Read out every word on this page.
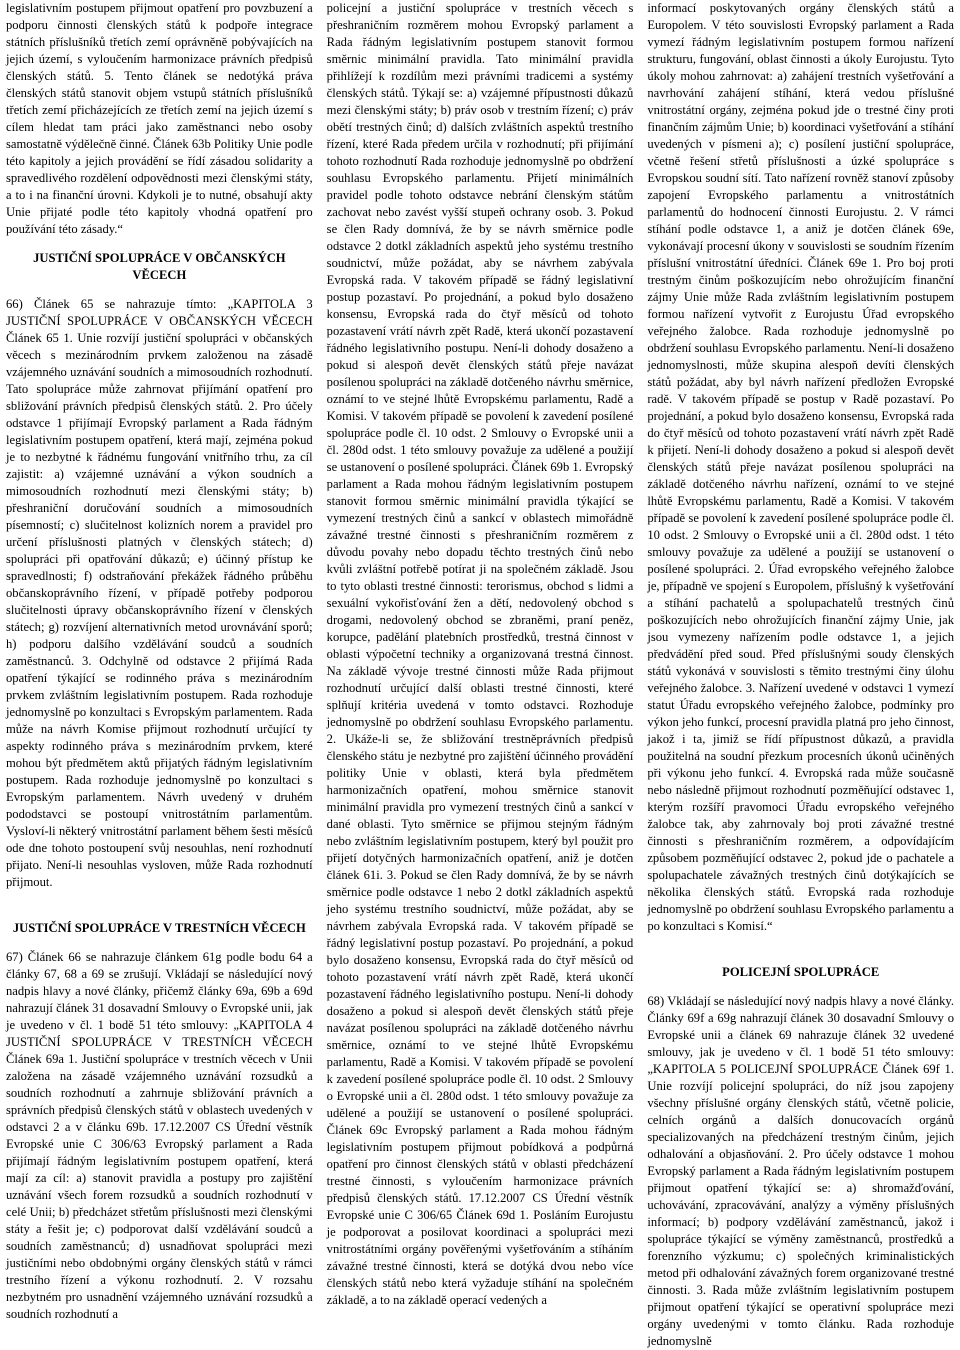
legislativním postupem přijmout opatření pro povzbuzení a podporu činnosti členských států k podpoře integrace státních příslušníků třetích zemí oprávněně pobývajících na jejich území, s vyloučením harmonizace právních předpisů členských států. 5. Tento článek se nedotýká práva členských států stanovit objem vstupů státních příslušníků třetích zemí přicházejících ze třetích zemí na jejich území s cílem hledat tam práci jako zaměstnanci nebo osoby samostatně výdělečně činné. Článek 63b Politiky Unie podle této kapitoly a jejich provádění se řídí zásadou solidarity a spravedlivého rozdělení odpovědnosti mezi členskými státy, a to i na finanční úrovni. Kdykoli je to nutné, obsahují akty Unie přijaté podle této kapitoly vhodná opatření pro používání této zásady.“

JUSTIČNÍ SPOLUPRÁCE V OBČANSKÝCH VĚCECH

66) Článek 65 se nahrazuje tímto: „KAPITOLA 3 JUSTIČNÍ SPOLUPRÁCE V OBČANSKÝCH VĚCECH Článek 65 1. Unie rozvíjí justiční spolupráci v občanských věcech s mezinárodním prvkem založenou na zásadě vzájemného uznávání soudních a mimosoudních rozhodnutí. Tato spolupráce může zahrnovat přijímání opatření pro sbližování právních předpisů členských států. 2. Pro účely odstavce 1 přijímají Evropský parlament a Rada řádným legislativním postupem opatření, která mají, zejména pokud je to nezbytné k řádnému fungování vnitřního trhu, za cíl zajistit: a) vzájemné uznávání a výkon soudních a mimosoudních rozhodnutí mezi členskými státy; b) přeshraniční doručování soudních a mimosoudních písemností; c) slučitelnost kolizních norem a pravidel pro určení příslušnosti platných v členských státech; d) spolupráci při opatřování důkazů; e) účinný přístup ke spravedlnosti; f) odstraňování překážek řádného průběhu občanskoprávního řízení, v případě potřeby podporou slučitelnosti úpravy občanskoprávního řízení v členských státech; g) rozvíjení alternativních metod urovnávání sporů; h) podporu dalšího vzdělávání soudců a soudních zaměstnanců. 3. Odchylně od odstavce 2 přijímá Rada opatření týkající se rodinného práva s mezinárodním prvkem zvláštním legislativním postupem. Rada rozhoduje jednomyslně po konzultaci s Evropským parlamentem. Rada může na návrh Komise přijmout rozhodnutí určující ty aspekty rodinného práva s mezinárodním prvkem, které mohou být předmětem aktů přijatých řádným legislativním postupem. Rada rozhoduje jednomyslně po konzultaci s Evropským parlamentem. Návrh uvedený v druhém pododstavci se postoupí vnitrostátním parlamentům. Vysloví-li některý vnitrostátní parlament během šesti měsíců ode dne tohoto postoupení svůj nesouhlas, není rozhodnutí přijato. Není-li nesouhlas vysloven, může Rada rozhodnutí přijmout.

JUSTIČNÍ SPOLUPRÁCE V TRESTNÍCH VĚCECH

67) Článek 66 se nahrazuje článkem 61g podle bodu 64 a články 67, 68 a 69 se zrušují. Vkládají se následující nový nadpis hlavy a nové články, přičemž články 69a, 69b a 69d nahrazují článek 31 dosavadní Smlouvy o Evropské unii, jak je uvedeno v čl. 1 bodě 51 této smlouvy: „KAPITOLA 4 JUSTIČNÍ SPOLUPRÁCE V TRESTNÍCH VĚCECH Článek 69a 1. Justiční spolupráce v trestních věcech v Unii založena na zásadě vzájemného uznávání rozsudků a soudních rozhodnutí a zahrnuje sbližování právních a správních předpisů členských států v oblastech uvedených v odstavci 2 a v článku 69b. 17.12.2007 CS Úřední věstník Evropské unie C 306/63 Evropský parlament a Rada přijímají řádným legislativním postupem opatření, která mají za cíl: a) stanovit pravidla a postupy pro zajištění uznávání všech forem rozsudků a soudních rozhodnutí v celé Unii; b) předcházet střetům příslušnosti mezi členskými státy a řešit je; c) podporovat další vzdělávání soudců a soudních zaměstnanců; d) usnadňovat spolupráci mezi justičními nebo obdobnými orgány členských států v rámci trestního řízení a výkonu rozhodnutí. 2. V rozsahu nezbytném pro usnadnění vzájemného uznávání rozsudků a soudních rozhodnutí a

policejní a justiční spolupráce v trestních věcech s přeshraničním rozměrem mohou Evropský parlament a Rada řádným legislativním postupem stanovit formou směrnic minimální pravidla. Tato minimální pravidla přihlížejí k rozdílům mezi právními tradicemi a systémy členských států. Týkají se: a) vzájemné přípustnosti důkazů mezi členskými státy; b) práv osob v trestním řízení; c) práv obětí trestných činů; d) dalších zvláštních aspektů trestního řízení, které Rada předem určila v rozhodnutí; při přijímání tohoto rozhodnutí Rada rozhoduje jednomyslně po obdržení souhlasu Evropského parlamentu. Přijetí minimálních pravidel podle tohoto odstavce nebrání členským státům zachovat nebo zavést vyšší stupeň ochrany osob. 3. Pokud se člen Rady domnívá, že by se návrh směrnice podle odstavce 2 dotkl základních aspektů jeho systému trestního soudnictví, může požádat, aby se návrhem zabývala Evropská rada. V takovém případě se řádný legislativní postup pozastaví. Po projednání, a pokud bylo dosaženo konsensu, Evropská rada do čtyř měsíců od tohoto pozastavení vrátí návrh zpět Radě, která ukončí pozastavení řádného legislativního postupu. Není-li dohody dosaženo a pokud si alespoň devět členských států přeje navázat posílenou spolupráci na základě dotčeného návrhu směrnice, oznámí to ve stejné lhůtě Evropskému parlamentu, Radě a Komisi. V takovém případě se povolení k zavedení posílené spolupráce podle čl. 10 odst. 2 Smlouvy o Evropské unii a čl. 280d odst. 1 této smlouvy považuje za udělené a použijí se ustanovení o posílené spolupráci. Článek 69b 1. Evropský parlament a Rada mohou řádným legislativním postupem stanovit formou směrnic minimální pravidla týkající se vymezení trestných činů a sankcí v oblastech mimořádně závažné trestné činnosti s přeshraničním rozměrem z důvodu povahy nebo dopadu těchto trestných činů nebo kvůli zvláštní potřebě potírat ji na společném základě. Jsou to tyto oblasti trestné činnosti: terorismus, obchod s lidmi a sexuální vykořisťování žen a dětí, nedovolený obchod s drogami, nedovolený obchod se zbraněmi, praní peněz, korupce, padělání platebních prostředků, trestná činnost v oblasti výpočetní techniky a organizovaná trestná činnost. Na základě vývoje trestné činnosti může Rada přijmout rozhodnutí určující další oblasti trestné činnosti, které splňují kritéria uvedená v tomto odstavci. Rozhoduje jednomyslně po obdržení souhlasu Evropského parlamentu. 2. Ukáže-li se, že sbližování trestněprávních předpisů členského státu je nezbytné pro zajištění účinného provádění politiky Unie v oblasti, která byla předmětem harmonizačních opatření, mohou směrnice stanovit minimální pravidla pro vymezení trestných činů a sankcí v dané oblasti. Tyto směrnice se přijmou stejným řádným nebo zvláštním legislativním postupem, který byl použit pro přijetí dotyčných harmonizačních opatření, aniž je dotčen článek 61i. 3. Pokud se člen Rady domnívá, že by se návrh směrnice podle odstavce 1 nebo 2 dotkl základních aspektů jeho systému trestního soudnictví, může požádat, aby se návrhem zabývala Evropská rada. V takovém případě se řádný legislativní postup pozastaví. Po projednání, a pokud bylo dosaženo konsensu, Evropská rada do čtyř měsíců od tohoto pozastavení vrátí návrh zpět Radě, která ukončí pozastavení řádného legislativního postupu. Není-li dohody dosaženo a pokud si alespoň devět členských států přeje navázat posílenou spolupráci na základě dotčeného návrhu směrnice, oznámí to ve stejné lhůtě Evropskému parlamentu, Radě a Komisi. V takovém případě se povolení k zavedení posílené spolupráce podle čl. 10 odst. 2 Smlouvy o Evropské unii a čl. 280d odst. 1 této smlouvy považuje za udělené a použijí se ustanovení o posílené spolupráci. Článek 69c Evropský parlament a Rada mohou řádným legislativním postupem přijmout pobídková a podpůrná opatření pro činnost členských států v oblasti předcházení trestné činnosti, s vyloučením harmonizace právních předpisů členských států. 17.12.2007 CS Úřední věstník Evropské unie C 306/65 Článek 69d 1. Posláním Eurojustu je podporovat a posilovat koordinaci a spolupráci mezi vnitrostátními orgány pověřenými vyšetřováním a stíháním závažné trestné činnosti, která se dotýká dvou nebo více členských států nebo která vyžaduje stíhání na společném základě, a to na základě operací vedených a

informací poskytovaných orgány členských států a Europolem. V této souvislosti Evropský parlament a Rada vymezí řádným legislativním postupem formou nařízení strukturu, fungování, oblast činnosti a úkoly Eurojustu. Tyto úkoly mohou zahrnovat: a) zahájení trestních vyšetřování a navrhování zahájení stíhání, která vedou příslušné vnitrostátní orgány, zejména pokud jde o trestné činy proti finančním zájmům Unie; b) koordinaci vyšetřování a stíhání uvedených v písmeni a); c) posílení justiční spolupráce, včetně řešení střetů příslušnosti a úzké spolupráce s Evropskou soudní sítí. Tato nařízení rovněž stanoví způsoby zapojení Evropského parlamentu a vnitrostátních parlamentů do hodnocení činnosti Eurojustu. 2. V rámci stíhání podle odstavce 1, a aniž je dotčen článek 69e, vykonávají procesní úkony v souvislosti se soudním řízením příslušní vnitrostátní úředníci. Článek 69e 1. Pro boj proti trestným činům poškozujícím nebo ohrožujícím finanční zájmy Unie může Rada zvláštním legislativním postupem formou nařízení vytvořit z Eurojustu Úřad evropského veřejného žalobce. Rada rozhoduje jednomyslně po obdržení souhlasu Evropského parlamentu. Není-li dosaženo jednomyslnosti, může skupina alespoň devíti členských států požádat, aby byl návrh nařízení předložen Evropské radě. V takovém případě se postup v Radě pozastaví. Po projednání, a pokud bylo dosaženo konsensu, Evropská rada do čtyř měsíců od tohoto pozastavení vrátí návrh zpět Radě k přijetí. Není-li dohody dosaženo a pokud si alespoň devět členských států přeje navázat posílenou spolupráci na základě dotčeného návrhu nařízení, oznámí to ve stejné lhůtě Evropskému parlamentu, Radě a Komisi. V takovém případě se povolení k zavedení posílené spolupráce podle čl. 10 odst. 2 Smlouvy o Evropské unii a čl. 280d odst. 1 této smlouvy považuje za udělené a použijí se ustanovení o posílené spolupráci. 2. Úřad evropského veřejného žalobce je, případně ve spojení s Europolem, příslušný k vyšetřování a stíhání pachatelů a spolupachatelů trestných činů poškozujících nebo ohrožujících finanční zájmy Unie, jak jsou vymezeny nařízením podle odstavce 1, a jejich předvádění před soud. Před příslušnými soudy členských států vykonává v souvislosti s těmito trestnými činy úlohu veřejného žalobce. 3. Nařízení uvedené v odstavci 1 vymezí statut Úřadu evropského veřejného žalobce, podmínky pro výkon jeho funkcí, procesní pravidla platná pro jeho činnost, jakož i ta, jimiž se řídí přípustnost důkazů, a pravidla použitelná na soudní přezkum procesních úkonů učiněných při výkonu jeho funkcí. 4. Evropská rada může současně nebo následně přijmout rozhodnutí pozměňující odstavec 1, kterým rozšíří pravomoci Úřadu evropského veřejného žalobce tak, aby zahrnovaly boj proti závažné trestné činnosti s přeshraničním rozměrem, a odpovídajícím způsobem pozměňující odstavec 2, pokud jde o pachatele a spolupachatele závažných trestných činů dotýkajících se několika členských států. Evropská rada rozhoduje jednomyslně po obdržení souhlasu Evropského parlamentu a po konzultaci s Komisí.“

POLICEJNÍ SPOLUPRÁCE

68) Vkládají se následující nový nadpis hlavy a nové články. Články 69f a 69g nahrazují článek 30 dosavadní Smlouvy o Evropské unii a článek 69 nahrazuje článek 32 uvedené smlouvy, jak je uvedeno v čl. 1 bodě 51 této smlouvy: „KAPITOLA 5 POLICEJNÍ SPOLUPRÁCE Článek 69f 1. Unie rozvíjí policejní spolupráci, do níž jsou zapojeny všechny příslušné orgány členských států, včetně policie, celních orgánů a dalších donucovacích orgánů specializovaných na předcházení trestným činům, jejich odhalování a objasňování. 2. Pro účely odstavce 1 mohou Evropský parlament a Rada řádným legislativním postupem přijmout opatření týkající se: a) shromažďování, uchovávání, zpracovávání, analýzy a výměny příslušných informací; b) podpory vzdělávání zaměstnanců, jakož i spolupráce týkající se výměny zaměstnanců, prostředků a forenzního výzkumu; c) společných kriminalistických metod při odhalování závažných forem organizované trestné činnosti. 3. Rada může zvláštním legislativním postupem přijmout opatření týkající se operativní spolupráce mezi orgány uvedenými v tomto článku. Rada rozhoduje jednomyslně
